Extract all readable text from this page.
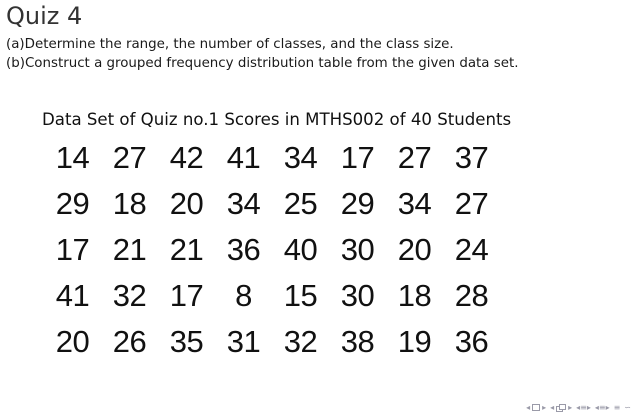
Quiz 4
(a)Determine the range, the number of classes, and the class size.
(b)Construct a grouped frequency distribution table from the given data set.
Data Set of Quiz no.1 Scores in MTHS002 of 40 Students
14 27 42 41 34 17 27 37
29 18 20 34 25 29 34 27
17 21 21 36 40 30 20 24
41 32 17	8	15 30 18 28
20 26 35 31 32 38 19 36
◂ ▸ ◂ ▸ ◂≡▸ ◂≡▸ ≡ ∽
